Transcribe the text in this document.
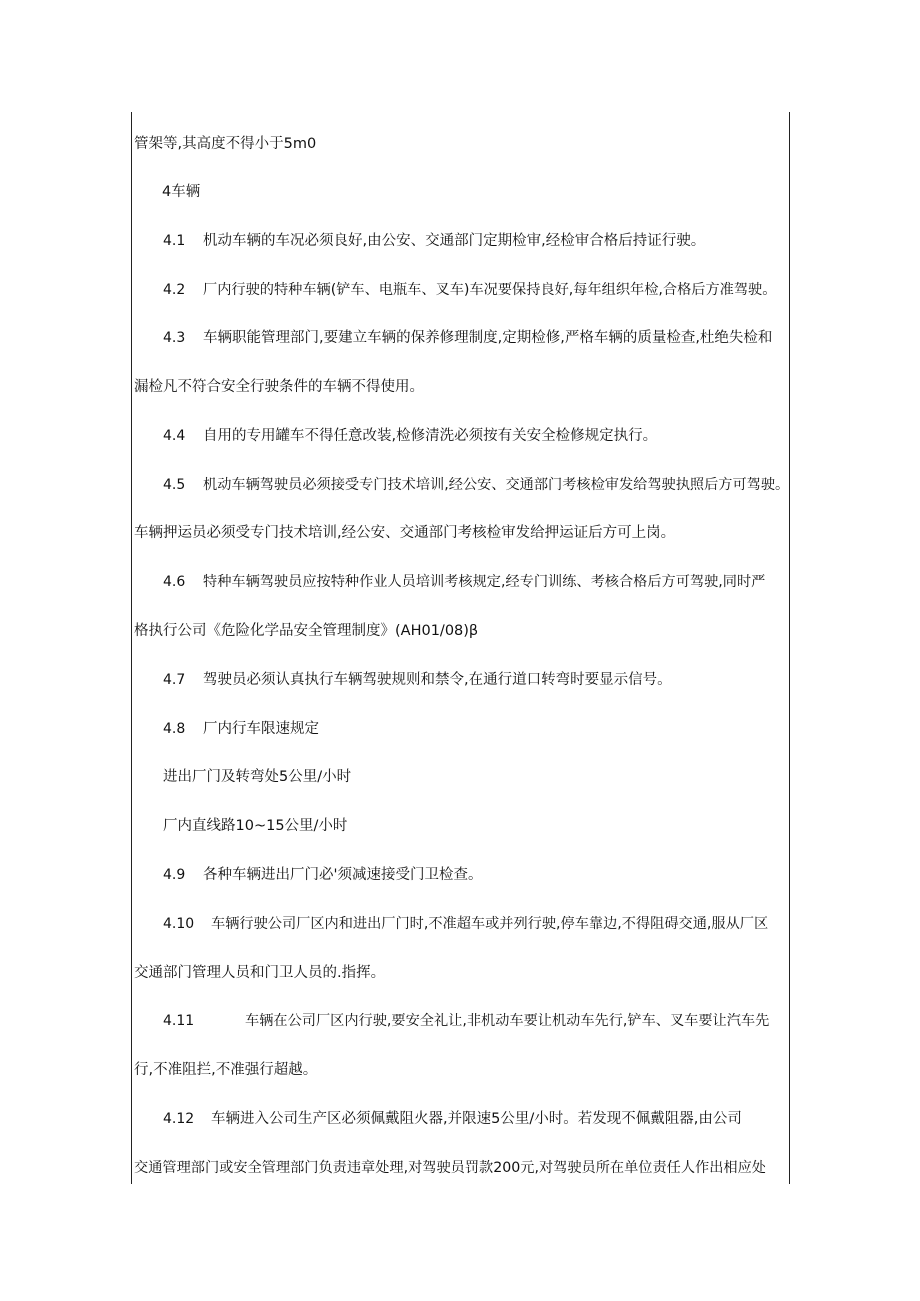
管架等,其高度不得小于5m0
4车辆
4.1 机动车辆的车况必须良好,由公安、交通部门定期检审,经检审合格后持证行驶。
4.2 厂内行驶的特种车辆(铲车、电瓶车、叉车)车况要保持良好,每年组织年检,合格后方准驾驶。
4.3 车辆职能管理部门,要建立车辆的保养修理制度,定期检修,严格车辆的质量检查,杜绝失检和
漏检凡不符合安全行驶条件的车辆不得使用。
4.4 自用的专用罐车不得任意改装,检修清洗必须按有关安全检修规定执行。
4.5 机动车辆驾驶员必须接受专门技术培训,经公安、交通部门考核检审发给驾驶执照后方可驾驶。
车辆押运员必须受专门技术培训,经公安、交通部门考核检审发给押运证后方可上岗。
4.6 特种车辆驾驶员应按特种作业人员培训考核规定,经专门训练、考核合格后方可驾驶,同时严
格执行公司《危险化学品安全管理制度》(AH01∕08)β
4.7 驾驶员必须认真执行车辆驾驶规则和禁令,在通行道口转弯时要显示信号。
4.8 厂内行车限速规定
进出厂门及转弯处5公里/小时
厂内直线路10~15公里/小时
4.9 各种车辆进出厂门必'须减速接受门卫检查。
4.10 车辆行驶公司厂区内和进出厂门时,不准超车或并列行驶,停车靠边,不得阻碍交通,服从厂区
交通部门管理人员和门卫人员的.指挥。
4.11	车辆在公司厂区内行驶,要安全礼让,非机动车要让机动车先行,铲车、叉车要让汽车先
行,不准阻拦,不准强行超越。
4.12 车辆进入公司生产区必须佩戴阻火器,并限速5公里/小时。若发现不佩戴阻器,由公司
交通管理部门或安全管理部门负责违章处理,对驾驶员罚款200元,对驾驶员所在单位责任人作出相应处
